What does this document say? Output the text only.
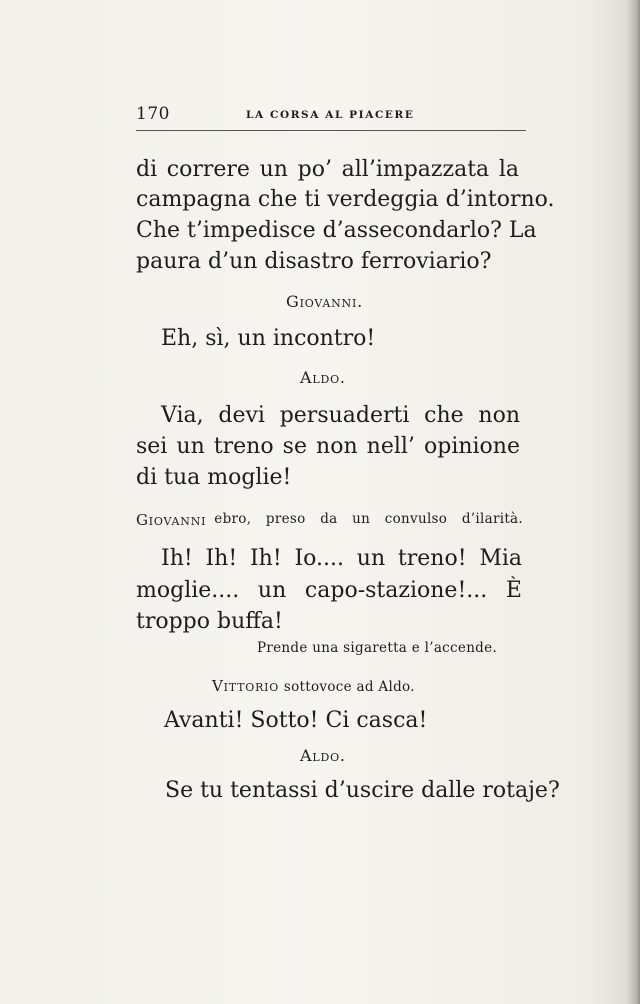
170	LA CORSA AL PIACERE
di correre un po’ all’impazzata la
campagna che ti verdeggia d’intorno.
Che t’impedisce d’assecondarlo? La
paura d’un disastro ferroviario?
Giovanni.
Eh, sì, un incontro!
Aldo.
Via, devi persuaderti che non
sei un treno se non nell’ opinione
di tua moglie!
Giovanni ebro, preso da un convulso d’ilarità.
Ih! Ih! Ih! Io.... un treno! Mia
moglie.... un capo-stazione!... È
troppo buffa!
Prende una sigaretta e l’accende.
Vittorio sottovoce ad Aldo.
Avanti! Sotto! Ci casca!
Aldo.
Se tu tentassi d’uscire dalle rotaje?
